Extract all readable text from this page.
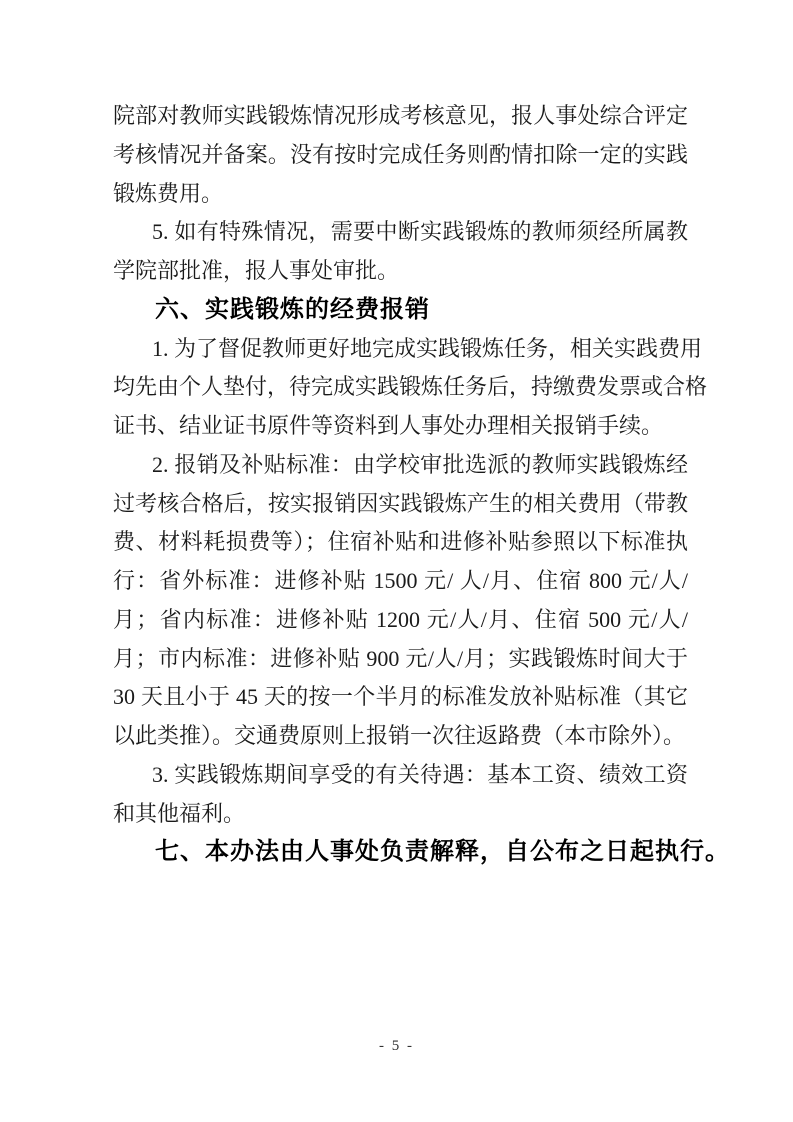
院部对教师实践锻炼情况形成考核意见，报人事处综合评定
考核情况并备案。没有按时完成任务则酌情扣除一定的实践
锻炼费用。
5. 如有特殊情况，需要中断实践锻炼的教师须经所属教
学院部批准，报人事处审批。
六、实践锻炼的经费报销
1. 为了督促教师更好地完成实践锻炼任务，相关实践费用
均先由个人垫付，待完成实践锻炼任务后，持缴费发票或合格
证书、结业证书原件等资料到人事处办理相关报销手续。
2. 报销及补贴标准：由学校审批选派的教师实践锻炼经
过考核合格后，按实报销因实践锻炼产生的相关费用（带教
费、材料耗损费等）；住宿补贴和进修补贴参照以下标准执
行：省外标准：进修补贴 1500 元/ 人/月、住宿 800 元/人/
月；省内标准：进修补贴 1200 元/人/月、住宿 500 元/人/
月；市内标准：进修补贴 900 元/人/月；实践锻炼时间大于
30 天且小于 45 天的按一个半月的标准发放补贴标准（其它
以此类推）。交通费原则上报销一次往返路费（本市除外）。
3. 实践锻炼期间享受的有关待遇：基本工资、绩效工资
和其他福利。
七、本办法由人事处负责解释，自公布之日起执行。
- 5 -
